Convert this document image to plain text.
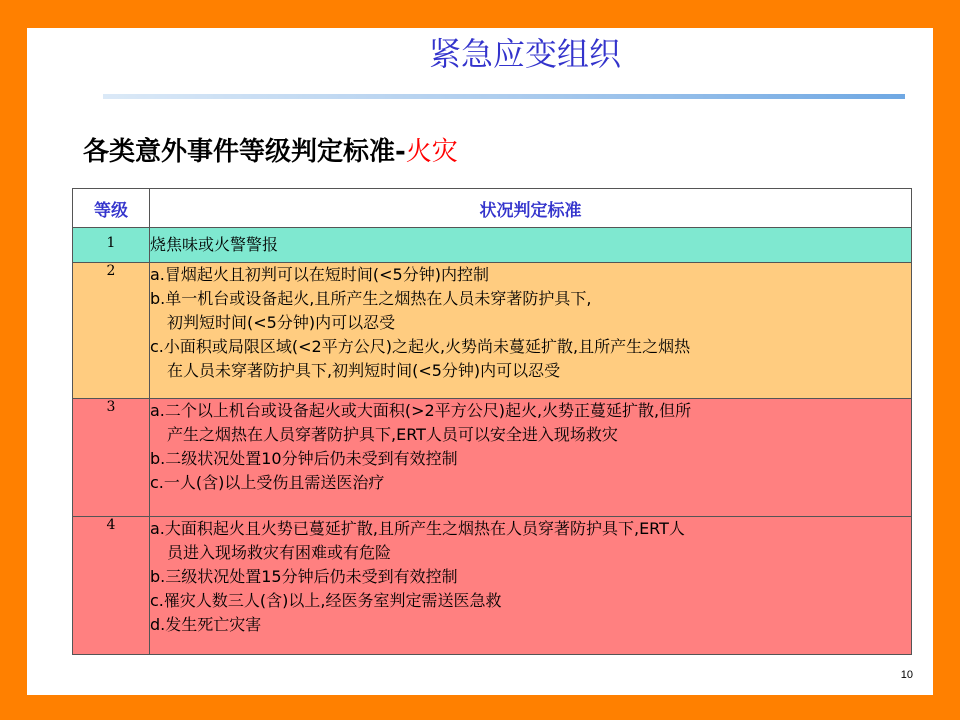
紧急应变组织
各类意外事件等级判定标准-火灾
等级	状况判定标准
1	烧焦味或火警警报

2	a.冒烟起火且初判可以在短时间(<5分钟)内控制
b.单一机台或设备起火,且所产生之烟热在人员未穿著防护具下,
初判短时间(<5分钟)内可以忍受
c.小面积或局限区域(<2平方公尺)之起火,火势尚未蔓延扩散,且所产生之烟热
在人员未穿著防护具下,初判短时间(<5分钟)内可以忍受

3	a.二个以上机台或设备起火或大面积(>2平方公尺)起火,火势正蔓延扩散,但所
产生之烟热在人员穿著防护具下,ERT人员可以安全进入现场救灾
b.二级状况处置10分钟后仍未受到有效控制
c.一人(含)以上受伤且需送医治疗

4	a.大面积起火且火势已蔓延扩散,且所产生之烟热在人员穿著防护具下,ERT人
员进入现场救灾有困难或有危险
b.三级状况处置15分钟后仍未受到有效控制
c.罹灾人数三人(含)以上,经医务室判定需送医急救
d.发生死亡灾害
10
